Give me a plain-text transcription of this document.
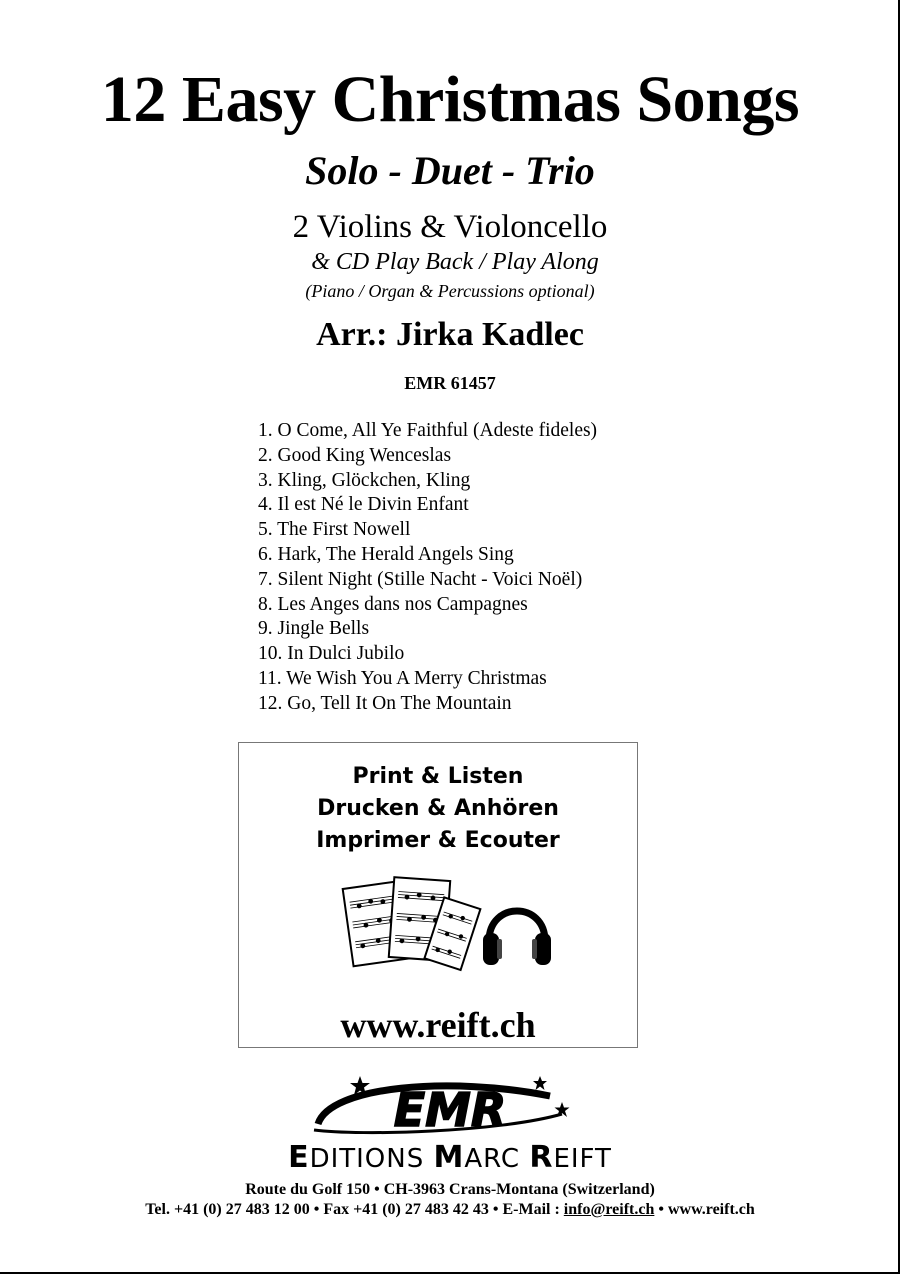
12 Easy Christmas Songs
Solo - Duet - Trio
2 Violins & Violoncello
& CD Play Back / Play Along
(Piano / Organ & Percussions optional)
Arr.: Jirka Kadlec
EMR 61457
1. O Come, All Ye Faithful (Adeste fideles)
2. Good King Wenceslas
3. Kling, Glöckchen, Kling
4. Il est Né le Divin Enfant
5. The First Nowell
6. Hark, The Herald Angels Sing
7. Silent Night (Stille Nacht - Voici Noël)
8. Les Anges dans nos Campagnes
9. Jingle Bells
10. In Dulci Jubilo
11. We Wish You A Merry Christmas
12. Go, Tell It On The Mountain
Print & Listen
Drucken & Anhören
Imprimer & Ecouter
www.reift.ch
EMR
EDITIONS MARC REIFT
Route du Golf 150 • CH-3963 Crans-Montana (Switzerland)
Tel. +41 (0) 27 483 12 00 • Fax +41 (0) 27 483 42 43 • E-Mail : info@reift.ch • www.reift.ch
